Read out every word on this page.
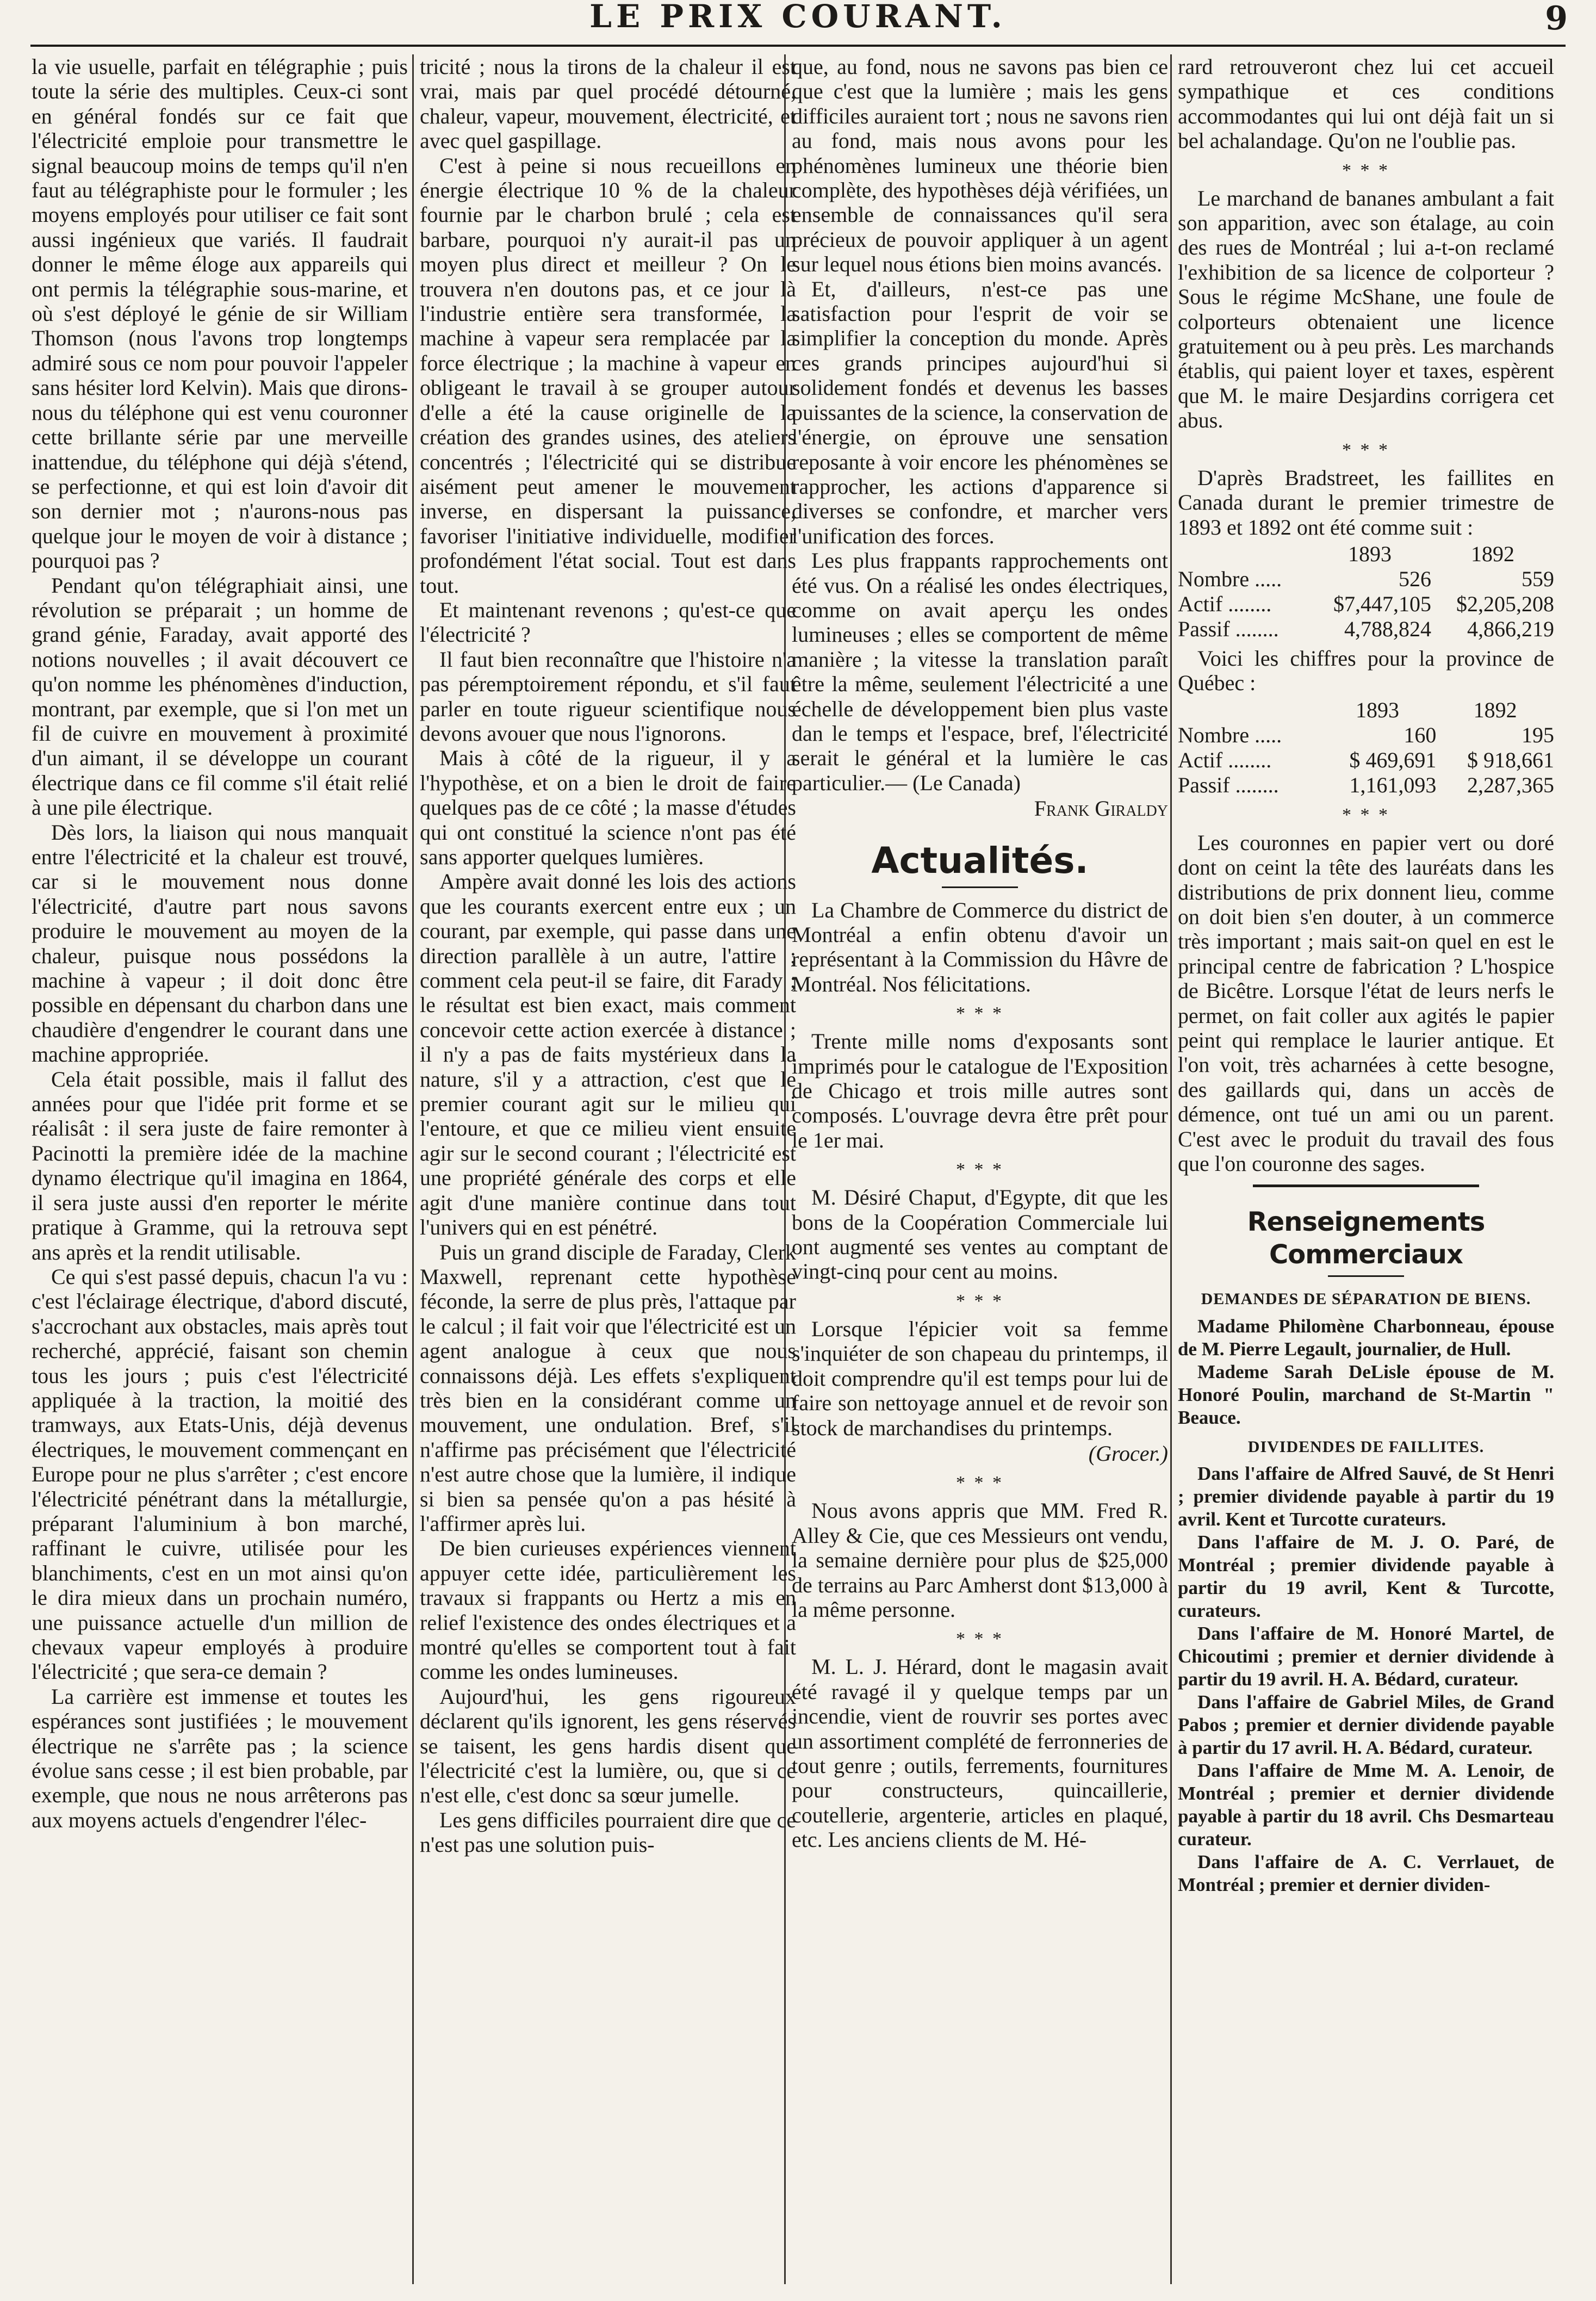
LE PRIX COURANT.	9

la vie usuelle, parfait en télégraphie ; puis toute la série des multiples. Ceux-ci sont en général fondés sur ce fait que l'électricité emploie pour transmettre le signal beaucoup moins de temps qu'il n'en faut au télégraphiste pour le formuler ; les moyens employés pour utiliser ce fait sont aussi ingénieux que variés. Il faudrait donner le même éloge aux appareils qui ont permis la télégraphie sous-marine, et où s'est déployé le génie de sir William Thomson (nous l'avons trop longtemps admiré sous ce nom pour pouvoir l'appeler sans hésiter lord Kelvin). Mais que dirons-nous du téléphone qui est venu couronner cette brillante série par une merveille inattendue, du téléphone qui déjà s'étend, se perfectionne, et qui est loin d'avoir dit son dernier mot ; n'aurons-nous pas quelque jour le moyen de voir à distance ; pourquoi pas ?

Pendant qu'on télégraphiait ainsi, une révolution se préparait ; un homme de grand génie, Faraday, avait apporté des notions nouvelles ; il avait découvert ce qu'on nomme les phénomènes d'induction, montrant, par exemple, que si l'on met un fil de cuivre en mouvement à proximité d'un aimant, il se développe un courant électrique dans ce fil comme s'il était relié à une pile électrique.

Dès lors, la liaison qui nous manquait entre l'électricité et la chaleur est trouvé, car si le mouvement nous donne l'électricité, d'autre part nous savons produire le mouvement au moyen de la chaleur, puisque nous possédons la machine à vapeur ; il doit donc être possible en dépensant du charbon dans une chaudière d'engendrer le courant dans une machine appropriée.

Cela était possible, mais il fallut des années pour que l'idée prit forme et se réalisât : il sera juste de faire remonter à Pacinotti la première idée de la machine dynamo électrique qu'il imagina en 1864, il sera juste aussi d'en reporter le mérite pratique à Gramme, qui la retrouva sept ans après et la rendit utilisable.

Ce qui s'est passé depuis, chacun l'a vu : c'est l'éclairage électrique, d'abord discuté, s'accrochant aux obstacles, mais après tout recherché, apprécié, faisant son chemin tous les jours ; puis c'est l'électricité appliquée à la traction, la moitié des tramways, aux Etats-Unis, déjà devenus électriques, le mouvement commençant en Europe pour ne plus s'arrêter ; c'est encore l'électricité pénétrant dans la métallurgie, préparant l'aluminium à bon marché, raffinant le cuivre, utilisée pour les blanchiments, c'est en un mot ainsi qu'on le dira mieux dans un prochain numéro, une puissance actuelle d'un million de chevaux vapeur employés à produire l'électricité ; que sera-ce demain ?

La carrière est immense et toutes les espérances sont justifiées ; le mouvement électrique ne s'arrête pas ; la science évolue sans cesse ; il est bien probable, par exemple, que nous ne nous arrêterons pas aux moyens actuels d'engendrer l'élec-

tricité ; nous la tirons de la chaleur il est vrai, mais par quel procédé détourné, chaleur, vapeur, mouvement, électricité, et avec quel gaspillage.

C'est à peine si nous recueillons en énergie électrique 10 % de la chaleur fournie par le charbon brulé ; cela est barbare, pourquoi n'y aurait-il pas un moyen plus direct et meilleur ? On le trouvera n'en doutons pas, et ce jour là l'industrie entière sera transformée, la machine à vapeur sera remplacée par la force électrique ; la machine à vapeur en obligeant le travail à se grouper autour d'elle a été la cause originelle de la création des grandes usines, des ateliers concentrés ; l'électricité qui se distribue aisément peut amener le mouvement inverse, en dispersant la puissance, favoriser l'initiative individuelle, modifier profondément l'état social. Tout est dans tout.

Et maintenant revenons ; qu'est-ce que l'électricité ?

Il faut bien reconnaître que l'histoire n'a pas péremptoirement répondu, et s'il faut parler en toute rigueur scientifique nous devons avouer que nous l'ignorons.

Mais à côté de la rigueur, il y a l'hypothèse, et on a bien le droit de faire quelques pas de ce côté ; la masse d'études qui ont constitué la science n'ont pas été sans apporter quelques lumières.

Ampère avait donné les lois des actions que les courants exercent entre eux ; un courant, par exemple, qui passe dans une direction parallèle à un autre, l'attire ; comment cela peut-il se faire, dit Farady ; le résultat est bien exact, mais comment concevoir cette action exercée à distance ; il n'y a pas de faits mystérieux dans la nature, s'il y a attraction, c'est que le premier courant agit sur le milieu qui l'entoure, et que ce milieu vient ensuite agir sur le second courant ; l'électricité est une propriété générale des corps et elle agit d'une manière continue dans tout l'univers qui en est pénétré.

Puis un grand disciple de Faraday, Clerk Maxwell, reprenant cette hypothèse féconde, la serre de plus près, l'attaque par le calcul ; il fait voir que l'électricité est un agent analogue à ceux que nous connaissons déjà. Les effets s'expliquent très bien en la considérant comme un mouvement, une ondulation. Bref, s'il n'affirme pas précisément que l'électricité n'est autre chose que la lumière, il indique si bien sa pensée qu'on a pas hésité à l'affirmer après lui.

De bien curieuses expériences viennent appuyer cette idée, particulièrement les travaux si frappants ou Hertz a mis en relief l'existence des ondes électriques et a montré qu'elles se comportent tout à fait comme les ondes lumineuses.

Aujourd'hui, les gens rigoureux déclarent qu'ils ignorent, les gens réservés se taisent, les gens hardis disent que l'électricité c'est la lumière, ou, que si ce n'est elle, c'est donc sa sœur jumelle.

Les gens difficiles pourraient dire que ce n'est pas une solution puis-

que, au fond, nous ne savons pas bien ce que c'est que la lumière ; mais les gens difficiles auraient tort ; nous ne savons rien au fond, mais nous avons pour les phénomènes lumineux une théorie bien complète, des hypothèses déjà vérifiées, un ensemble de connaissances qu'il sera précieux de pouvoir appliquer à un agent sur lequel nous étions bien moins avancés.

Et, d'ailleurs, n'est-ce pas une satisfaction pour l'esprit de voir se simplifier la conception du monde. Après ces grands principes aujourd'hui si solidement fondés et devenus les basses puissantes de la science, la conservation de l'énergie, on éprouve une sensation reposante à voir encore les phénomènes se rapprocher, les actions d'apparence si diverses se confondre, et marcher vers l'unification des forces.

Les plus frappants rapprochements ont été vus. On a réalisé les ondes électriques, comme on avait aperçu les ondes lumineuses ; elles se comportent de même manière ; la vitesse la translation paraît être la même, seulement l'électricité a une échelle de développement bien plus vaste dan le temps et l'espace, bref, l'électricité serait le général et la lumière le cas particulier.— (Le Canada)

Frank Giraldy
Actualités.

La Chambre de Commerce du district de Montréal a enfin obtenu d'avoir un représentant à la Commission du Hâvre de Montréal. Nos félicitations.

* * *

Trente mille noms d'exposants sont imprimés pour le catalogue de l'Exposition de Chicago et trois mille autres sont composés. L'ouvrage devra être prêt pour le 1er mai.

* * *

M. Désiré Chaput, d'Egypte, dit que les bons de la Coopération Commerciale lui ont augmenté ses ventes au comptant de vingt-cinq pour cent au moins.

* * *

Lorsque l'épicier voit sa femme s'inquiéter de son chapeau du printemps, il doit comprendre qu'il est temps pour lui de faire son nettoyage annuel et de revoir son stock de marchandises du printemps.

(Grocer.)
* * *

Nous avons appris que MM. Fred R. Alley & Cie, que ces Messieurs ont vendu, la semaine dernière pour plus de $25,000 de terrains au Parc Amherst dont $13,000 à la même personne.

* * *

M. L. J. Hérard, dont le magasin avait été ravagé il y quelque temps par un incendie, vient de rouvrir ses portes avec un assortiment complété de ferronneries de tout genre ; outils, ferrements, fournitures pour constructeurs, quincaillerie, coutellerie, argenterie, articles en plaqué, etc. Les anciens clients de M. Hé-

rard retrouveront chez lui cet accueil sympathique et ces conditions accommodantes qui lui ont déjà fait un si bel achalandage. Qu'on ne l'oublie pas.

* * *

Le marchand de bananes ambulant a fait son apparition, avec son étalage, au coin des rues de Montréal ; lui a-t-on reclamé l'exhibition de sa licence de colporteur ? Sous le régime McShane, une foule de colporteurs obtenaient une licence gratuitement ou à peu près. Les marchands établis, qui paient loyer et taxes, espèrent que M. le maire Desjardins corrigera cet abus.

* * *

D'après Bradstreet, les faillites en Canada durant le premier trimestre de 1893 et 1892 ont été comme suit :

	1893	1892
Nombre .....	526	559
Actif ........	$7,447,105	$2,205,208
Passif ........	4,788,824	4,866,219

Voici les chiffres pour la province de Québec :

	1893	1892
Nombre .....	160	195
Actif ........	$ 469,691	$ 918,661
Passif ........	1,161,093	2,287,365
* * *

Les couronnes en papier vert ou doré dont on ceint la tête des lauréats dans les distributions de prix donnent lieu, comme on doit bien s'en douter, à un commerce très important ; mais sait-on quel en est le principal centre de fabrication ? L'hospice de Bicêtre. Lorsque l'état de leurs nerfs le permet, on fait coller aux agités le papier peint qui remplace le laurier antique. Et l'on voit, très acharnées à cette besogne, des gaillards qui, dans un accès de démence, ont tué un ami ou un parent. C'est avec le produit du travail des fous que l'on couronne des sages.

Renseignements Commerciaux
DEMANDES DE SÉPARATION DE BIENS.

Madame Philomène Charbonneau, épouse de M. Pierre Legault, journalier, de Hull.

Mademe Sarah DeLisle épouse de M. Honoré Poulin, marchand de St-Martin " Beauce.

DIVIDENDES DE FAILLITES.

Dans l'affaire de Alfred Sauvé, de St Henri ; premier dividende payable à partir du 19 avril. Kent et Turcotte curateurs.

Dans l'affaire de M. J. O. Paré, de Montréal ; premier dividende payable à partir du 19 avril, Kent & Turcotte, curateurs.

Dans l'affaire de M. Honoré Martel, de Chicoutimi ; premier et dernier dividende à partir du 19 avril. H. A. Bédard, curateur.

Dans l'affaire de Gabriel Miles, de Grand Pabos ; premier et dernier dividende payable à partir du 17 avril. H. A. Bédard, curateur.

Dans l'affaire de Mme M. A. Lenoir, de Montréal ; premier et dernier dividende payable à partir du 18 avril. Chs Desmarteau curateur.

Dans l'affaire de A. C. Verrlauet, de Montréal ; premier et dernier dividen-
